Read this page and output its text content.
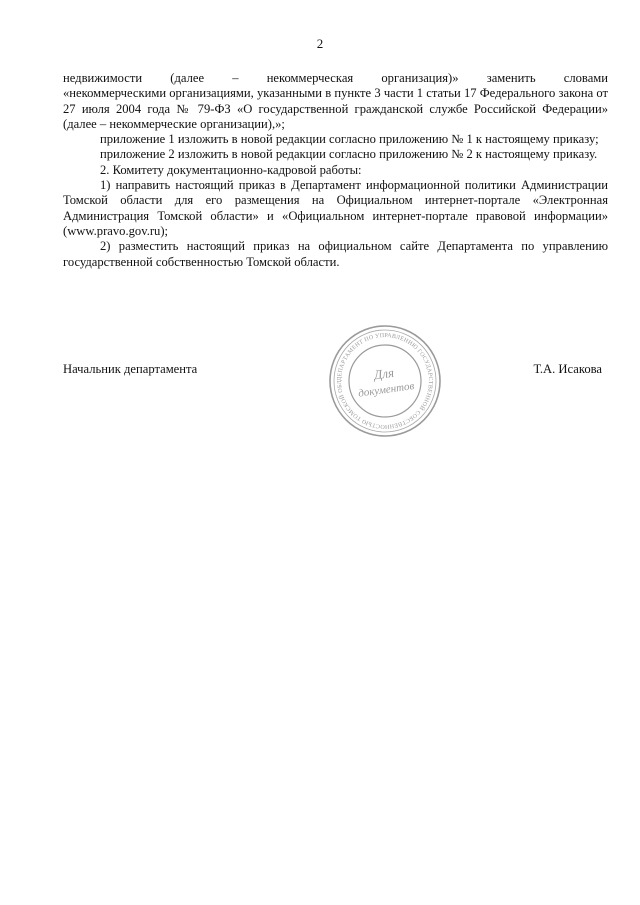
2

недвижимости (далее – некоммерческая организация)» заменить словами

«некоммерческими организациями, указанными в пункте 3 части 1 статьи 17 Федерального закона от 27 июля 2004 года № 79-ФЗ «О государственной гражданской службе Российской Федерации» (далее – некоммерческие организации),»;

приложение 1 изложить в новой редакции согласно приложению № 1 к настоящему приказу;

приложение 2 изложить в новой редакции согласно приложению № 2 к настоящему приказу.

2. Комитету документационно-кадровой работы:

1) направить настоящий приказ в Департамент информационной политики Администрации Томской области для его размещения на Официальном интернет-портале «Электронная Администрация Томской области» и «Официальном интернет-портале правовой информации» (www.pravo.gov.ru);

2) разместить настоящий приказ на официальном сайте Департамента по управлению государственной собственностью Томской области.

ДЕПАРТАМЕНТ ПО УПРАВЛЕНИЮ ГОСУДАРСТВЕННОЙ СОБСТВЕННОСТЬЮ ТОМСКОЙ ОБЛ	Для
документов
Начальник департамента	Т.А. Исакова
